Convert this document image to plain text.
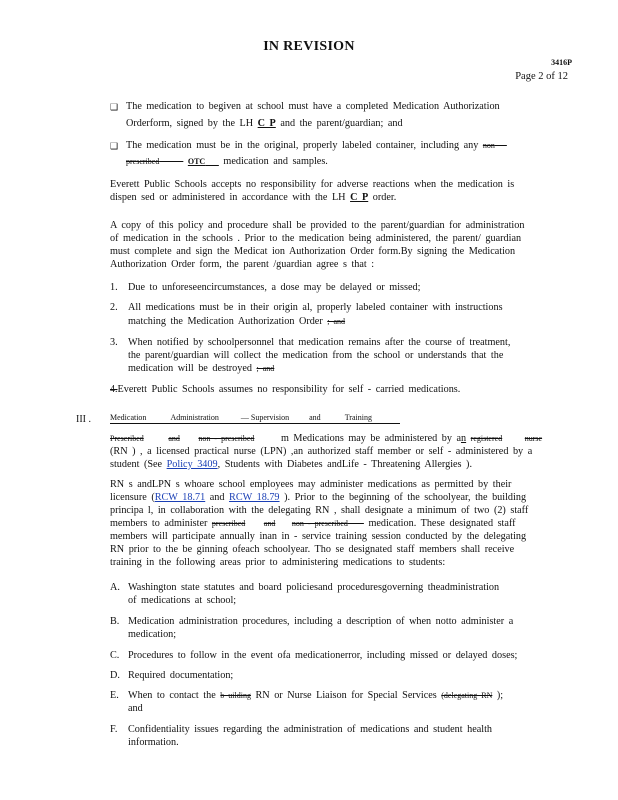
IN REVISION
3416P
Page 2 of 12
❑ The medication to begiven at school must have a completed Medication Authorization
Orderform, signed by the LH C P and the parent/guardian; and
❑ The medication must be in the original, properly labeled container, including any non
prescribed	OTC medication and samples.
Everett Public Schools accepts no responsibility for adverse reactions when the medication is
dispen sed or administered in accordance with the LH C P order.
A copy of this policy and procedure shall be provided to the parent/guardian for administration
of medication in the schools . Prior to the medication being administered, the parent/ guardian
must complete and sign the Medicat ion Authorization Order form.By signing the Medication
Authorization Order form, the parent /guardian agree s that :
1. Due to unforeseencircumstances, a dose may be delayed or missed;
2. All medications must be in their origin al, properly labeled container with instructions
matching the Medication Authorization Order ; and
3. When notified by schoolpersonnel that medication remains after the course of treatment,
the parent/guardian will collect the medication from the school or understands that the
medication will be destroyed ; and
4.Everett Public Schools assumes no responsibility for self - carried medications.
III . Medication	Administration	— Supervision	and	Training
Prescribed	and non - prescribed	m Medications may be administered by an registered	nurse
(RN ) , a licensed practical nurse (LPN) ,an authorized staff member or self - administered by a
student (See Policy 3409, Students with Diabetes andLife - Threatening Allergies ).
RN s andLPN s whoare school employees may administer medications as permitted by their
licensure (RCW 18.71 and RCW 18.79 ). Prior to the beginning of the schoolyear, the building
principa l, in collaboration with the delegating RN , shall designate a minimum of two (2) staff
members to administer prescribed and non - prescribed medication. These designated staff
members will participate annually inan in - service training session conducted by the delegating
RN prior to the be ginning ofeach schoolyear. Tho se designated staff members shall receive
training in the following areas prior to administering medications to students:
A. Washington state statutes and board policiesand proceduresgoverning theadministration
of medications at school;
B. Medication administration procedures, including a description of when notto administer a
medication;
C. Procedures to follow in the event ofa medicationerror, including missed or delayed doses;
D. Required documentation;
E. When to contact the b uilding RN or Nurse Liaison for Special Services (delegating RN );
and
F. Confidentiality issues regarding the administration of medications and student health
information.
